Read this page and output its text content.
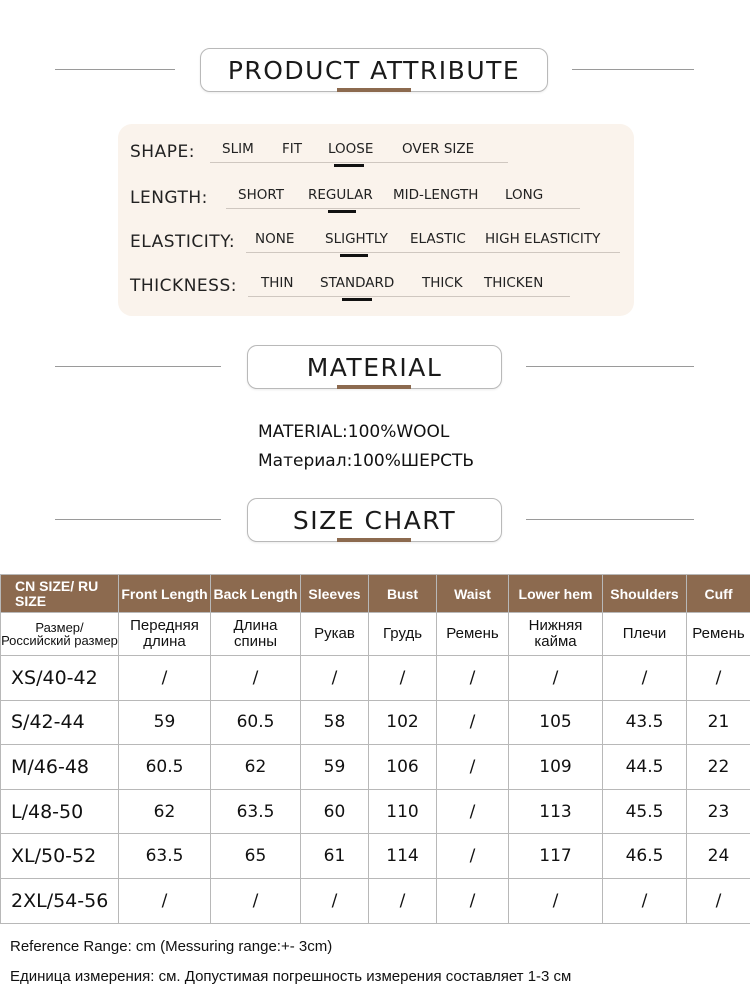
PRODUCT ATTRIBUTE
SHAPE: SLIM FIT LOOSE OVER SIZE
LENGTH: SHORT REGULAR MID-LENGTH LONG
ELASTICITY: NONE SLIGHTLY ELASTIC HIGH ELASTICITY
THICKNESS: THIN STANDARD THICK THICKEN
MATERIAL
MATERIAL:100%WOOL
Материал:100%ШЕРСТЬ
SIZE CHART
CN SIZE/ RU SIZE	Front Length	Back Length	Sleeves	Bust	Waist	Lower hem	Shoulders	Cuff
Размер/ Российский размер	Передняя длина	Длина спины	Рукав	Грудь	Ремень	Нижняя кайма	Плечи	Ремень
XS/40-42	/	/	/	/	/	/	/	/
S/42-44	59	60.5	58	102	/	105	43.5	21
M/46-48	60.5	62	59	106	/	109	44.5	22
L/48-50	62	63.5	60	110	/	113	45.5	23
XL/50-52	63.5	65	61	114	/	117	46.5	24
2XL/54-56	/	/	/	/	/	/	/	/
Reference Range: cm (Messuring range:+- 3cm)
Единица измерения: см. Допустимая погрешность измерения составляет 1-3 см
